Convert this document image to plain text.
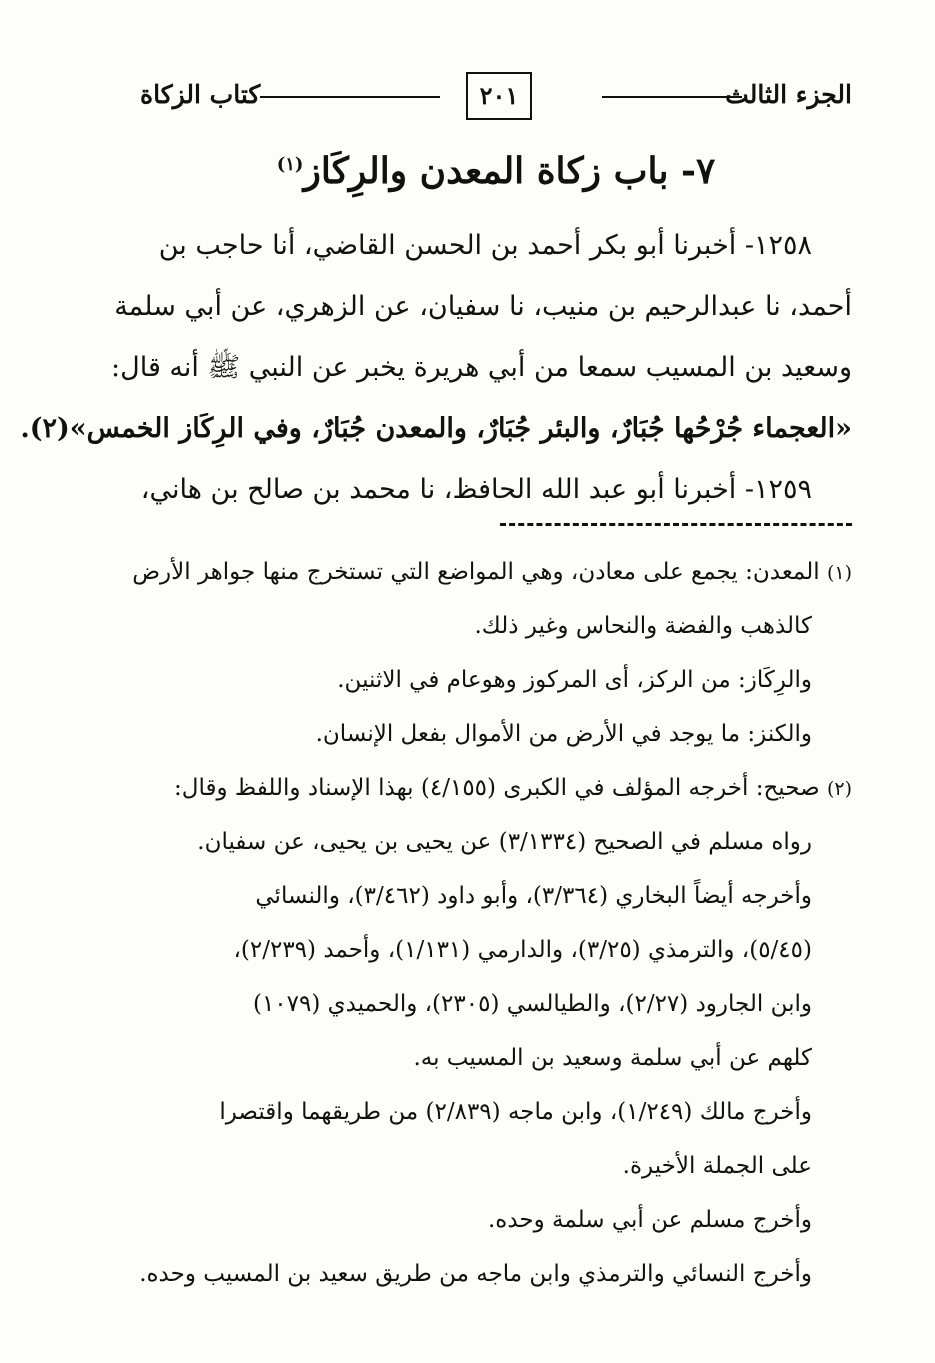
الجزء الثالث
٢٠١
كتاب الزكاة
٧- باب زكاة المعدن والرِكَاز$^{(١)}$
١٢٥٨- أخبرنا أبو بكر أحمد بن الحسن القاضي، أنا حاجب بن
أحمد، نا عبدالرحيم بن منيب، نا سفيان، عن الزهري، عن أبي سلمة
وسعيد بن المسيب سمعا من أبي هريرة يخبر عن النبي ﷺ أنه قال:
«العجماء جُرْحُها جُبَارٌ، والبئر جُبَارٌ، والمعدن جُبَارٌ، وفي الرِكَاز الخمس»(٢).
١٢٥٩- أخبرنا أبو عبد الله الحافظ، نا محمد بن صالح بن هاني،
(١) المعدن: يجمع على معادن، وهي المواضع التي تستخرج منها جواهر الأرض
كالذهب والفضة والنحاس وغير ذلك.
والرِكَاز: من الركز، أى المركوز وهوعام في الاثنين.
والكنز: ما يوجد في الأرض من الأموال بفعل الإنسان.
(٢) صحيح: أخرجه المؤلف في الكبرى (٤/١٥٥) بهذا الإسناد واللفظ وقال:
رواه مسلم في الصحيح (٣/١٣٣٤) عن يحيى بن يحيى، عن سفيان.
وأخرجه أيضاً البخاري (٣/٣٦٤)، وأبو داود (٣/٤٦٢)، والنسائي
(٥/٤٥)، والترمذي (٣/٢٥)، والدارمي (١/١٣١)، وأحمد (٢/٢٣٩)،
وابن الجارود (٢/٢٧)، والطيالسي (٢٣٠٥)، والحميدي (١٠٧٩)
كلهم عن أبي سلمة وسعيد بن المسيب به.
وأخرج مالك (١/٢٤٩)، وابن ماجه (٢/٨٣٩) من طريقهما واقتصرا
على الجملة الأخيرة.
وأخرج مسلم عن أبي سلمة وحده.
وأخرج النسائي والترمذي وابن ماجه من طريق سعيد بن المسيب وحده.
